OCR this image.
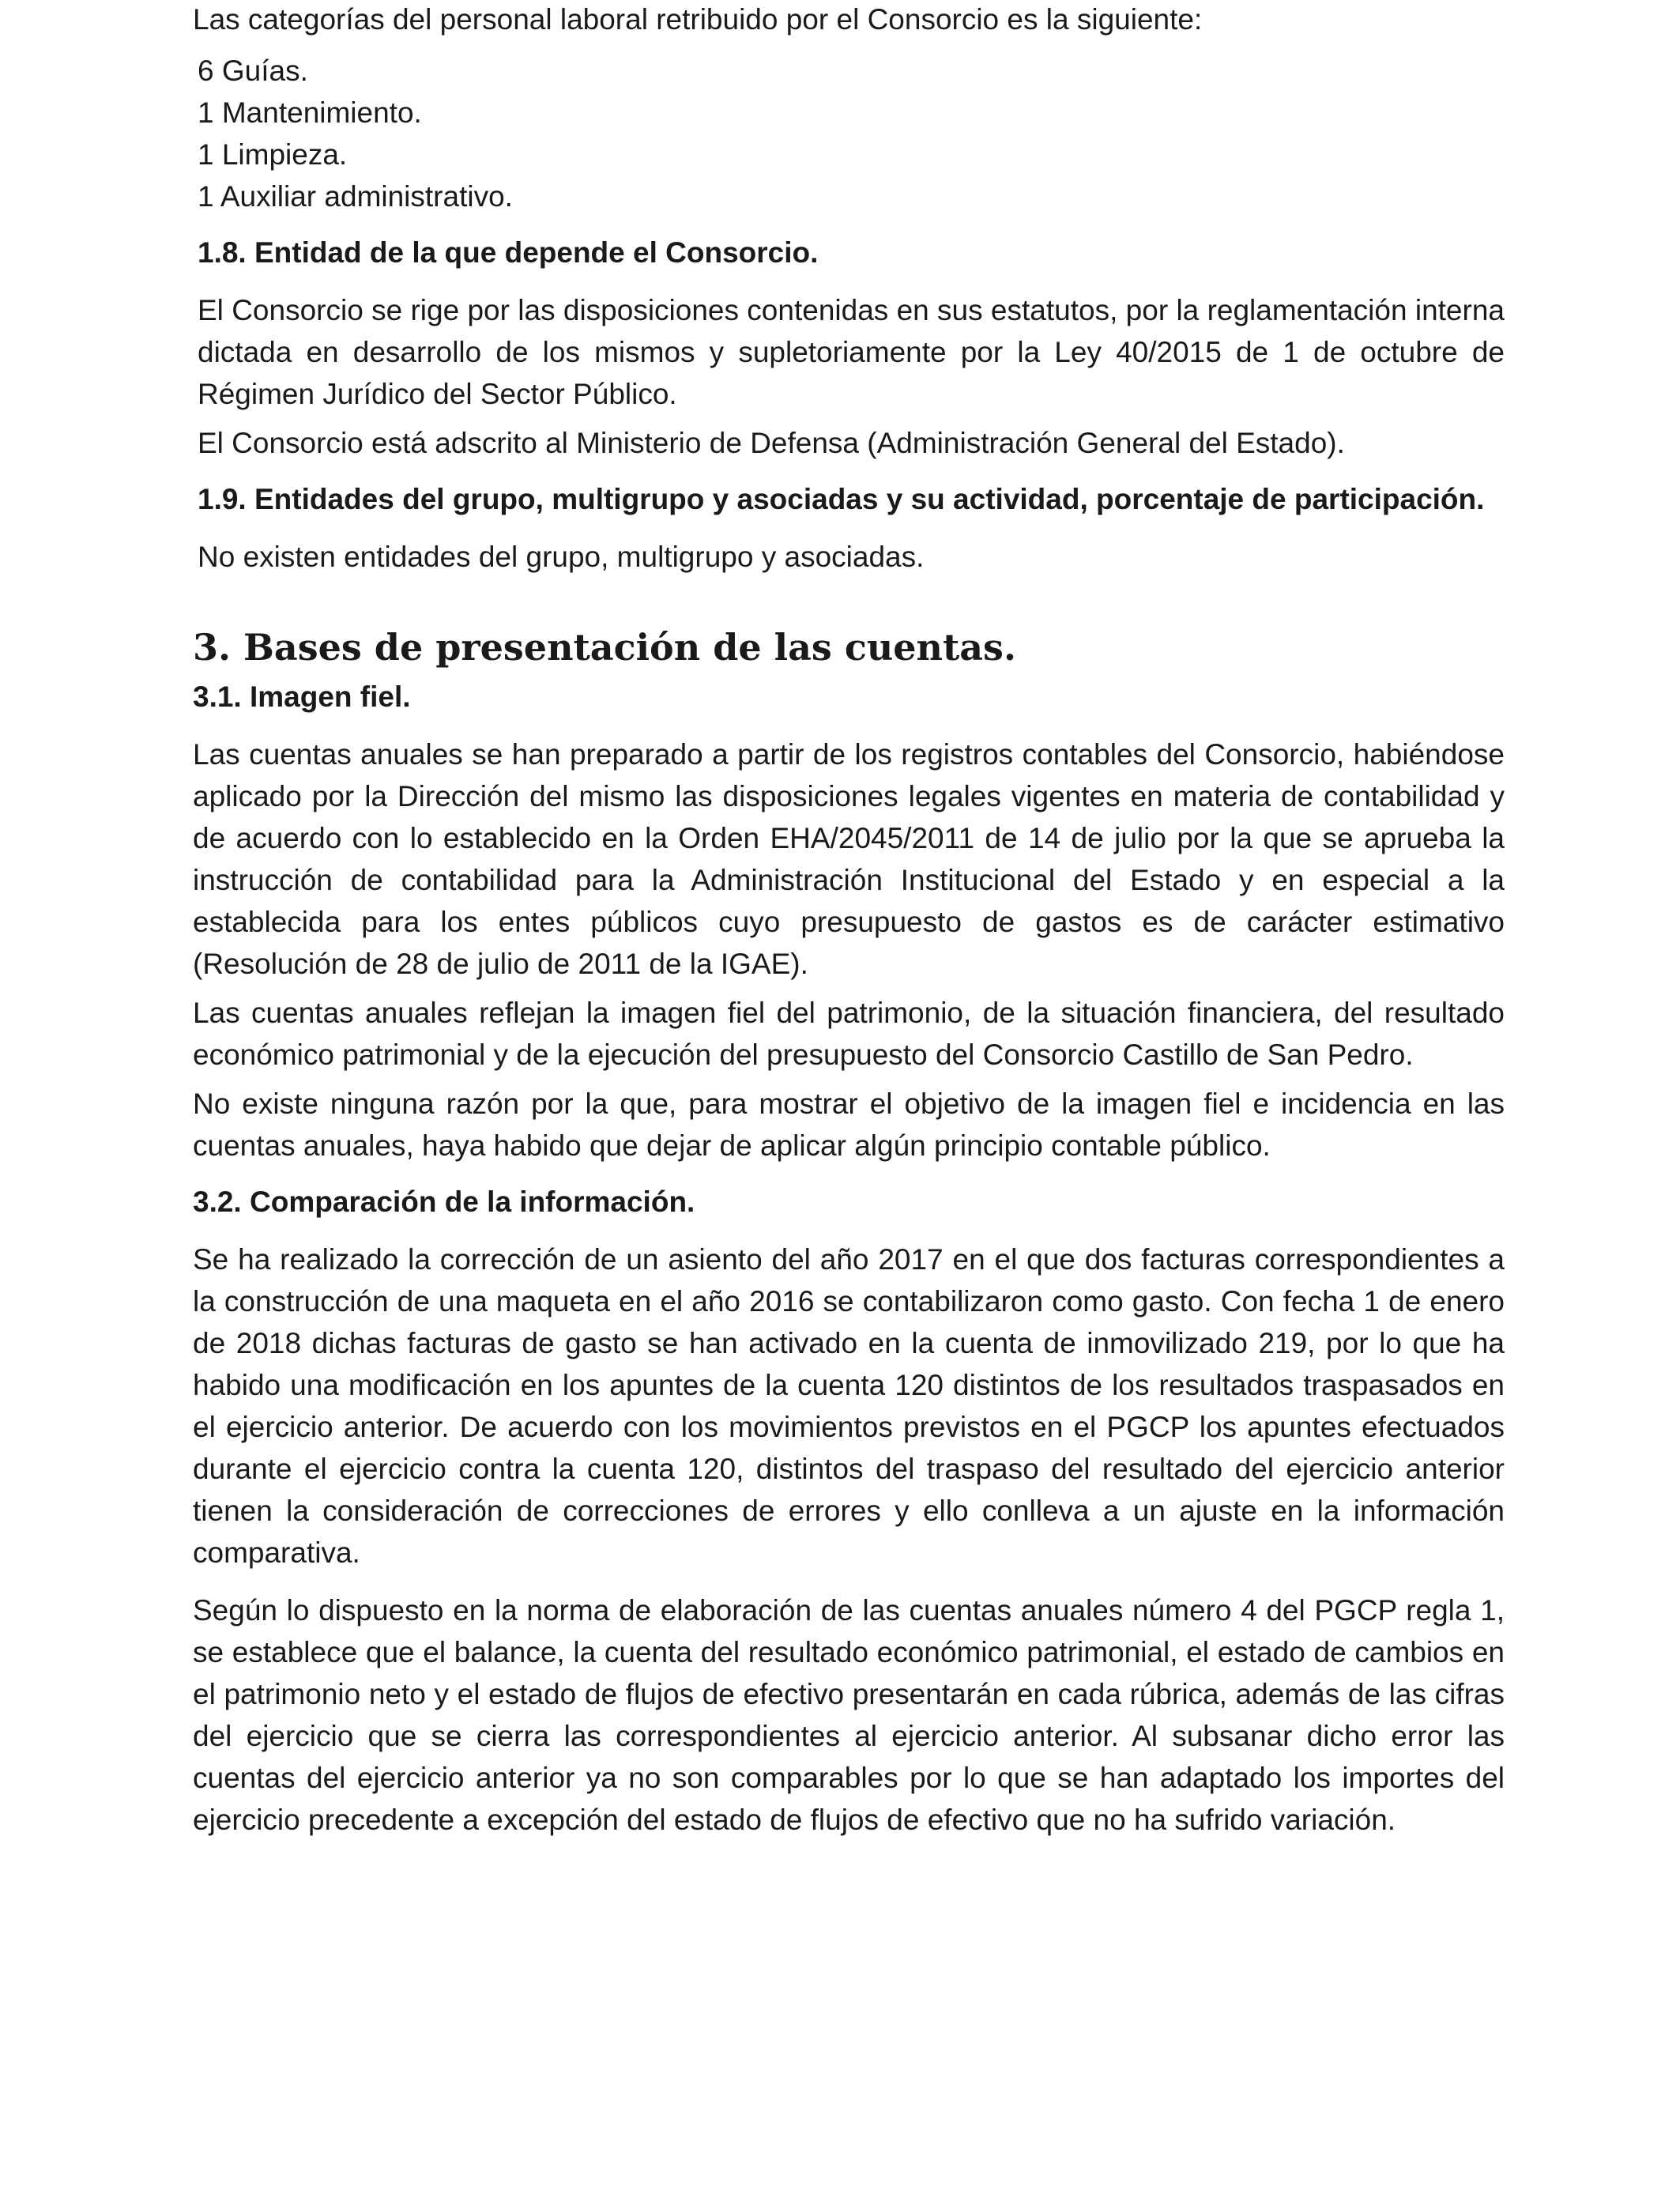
Las categorías del personal laboral retribuido por el Consorcio es la siguiente:

6 Guías.

1 Mantenimiento.

1 Limpieza.

1 Auxiliar administrativo.

1.8. Entidad de la que depende el Consorcio.

El Consorcio se rige por las disposiciones contenidas en sus estatutos, por la reglamentación interna dictada en desarrollo de los mismos y supletoriamente por la Ley 40/2015 de 1 de octubre de Régimen Jurídico del Sector Público.

El Consorcio está adscrito al Ministerio de Defensa (Administración General del Estado).

1.9. Entidades del grupo, multigrupo y asociadas y su actividad, porcentaje de participación.

No existen entidades del grupo, multigrupo y asociadas.

3. Bases de presentación de las cuentas.
3.1. Imagen fiel.

Las cuentas anuales se han preparado a partir de los registros contables del Consorcio, habiéndose aplicado por la Dirección del mismo las disposiciones legales vigentes en materia de contabilidad y de acuerdo con lo establecido en la Orden EHA/2045/2011 de 14 de julio por la que se aprueba la instrucción de contabilidad para la Administración Institucional del Estado y en especial a la establecida para los entes públicos cuyo presupuesto de gastos es de carácter estimativo (Resolución de 28 de julio de 2011 de la IGAE).

Las cuentas anuales reflejan la imagen fiel del patrimonio, de la situación financiera, del resultado económico patrimonial y de la ejecución del presupuesto del Consorcio Castillo de San Pedro.

No existe ninguna razón por la que, para mostrar el objetivo de la imagen fiel e incidencia en las cuentas anuales, haya habido que dejar de aplicar algún principio contable público.

3.2. Comparación de la información.

Se ha realizado la corrección de un asiento del año 2017 en el que dos facturas correspondientes a la construcción de una maqueta en el año 2016 se contabilizaron como gasto. Con fecha 1 de enero de 2018 dichas facturas de gasto se han activado en la cuenta de inmovilizado 219, por lo que ha habido una modificación en los apuntes de la cuenta 120 distintos de los resultados traspasados en el ejercicio anterior. De acuerdo con los movimientos previstos en el PGCP los apuntes efectuados durante el ejercicio contra la cuenta 120, distintos del traspaso del resultado del ejercicio anterior tienen la consideración de correcciones de errores y ello conlleva a un ajuste en la información comparativa.

Según lo dispuesto en la norma de elaboración de las cuentas anuales número 4 del PGCP regla 1, se establece que el balance, la cuenta del resultado económico patrimonial, el estado de cambios en el patrimonio neto y el estado de flujos de efectivo presentarán en cada rúbrica, además de las cifras del ejercicio que se cierra las correspondientes al ejercicio anterior. Al subsanar dicho error las cuentas del ejercicio anterior ya no son comparables por lo que se han adaptado los importes del ejercicio precedente a excepción del estado de flujos de efectivo que no ha sufrido variación.
